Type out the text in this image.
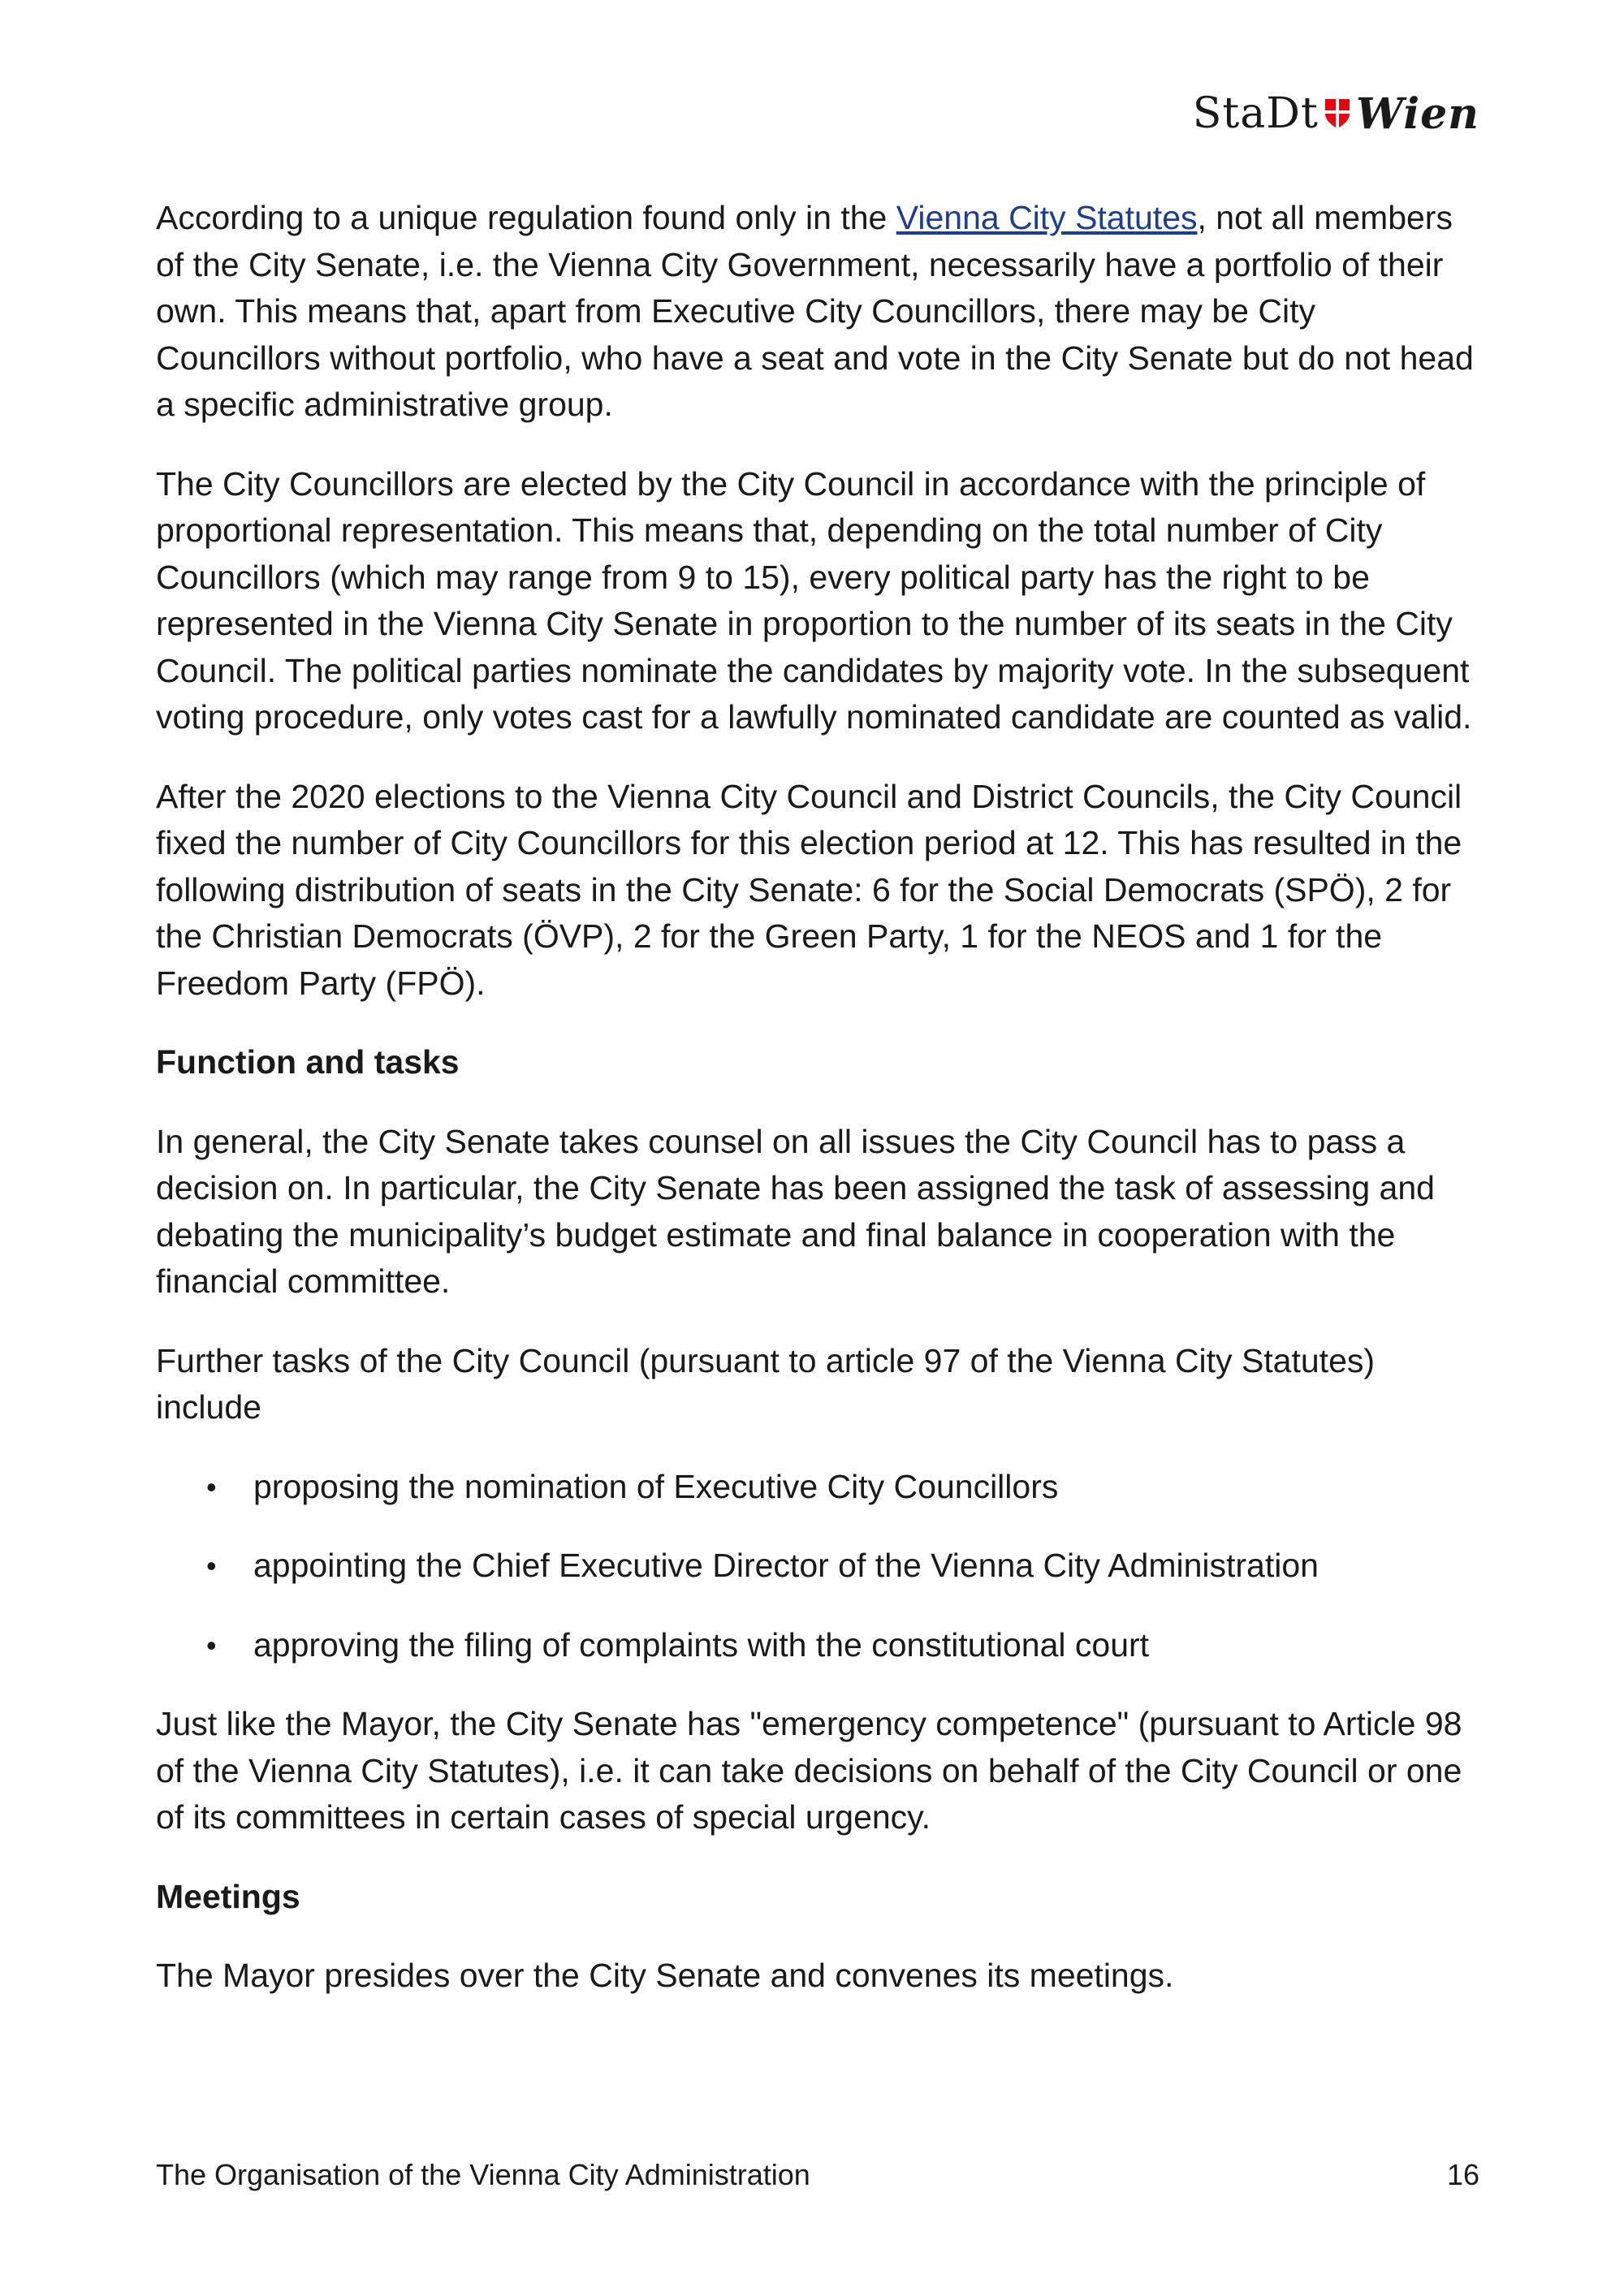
StaDt Wien

According to a unique regulation found only in the Vienna City Statutes, not all members of the City Senate, i.e. the Vienna City Government, necessarily have a portfolio of their own. This means that, apart from Executive City Councillors, there may be City Councillors without portfolio, who have a seat and vote in the City Senate but do not head a specific administrative group.

The City Councillors are elected by the City Council in accordance with the principle of proportional representation. This means that, depending on the total number of City Councillors (which may range from 9 to 15), every political party has the right to be represented in the Vienna City Senate in proportion to the number of its seats in the City Council. The political parties nominate the candidates by majority vote. In the subsequent voting procedure, only votes cast for a lawfully nominated candidate are counted as valid.

After the 2020 elections to the Vienna City Council and District Councils, the City Council fixed the number of City Councillors for this election period at 12. This has resulted in the following distribution of seats in the City Senate: 6 for the Social Democrats (SPÖ), 2 for the Christian Democrats (ÖVP), 2 for the Green Party, 1 for the NEOS and 1 for the Freedom Party (FPÖ).

Function and tasks

In general, the City Senate takes counsel on all issues the City Council has to pass a decision on. In particular, the City Senate has been assigned the task of assessing and debating the municipality’s budget estimate and final balance in cooperation with the financial committee.

Further tasks of the City Council (pursuant to article 97 of the Vienna City Statutes) include

• proposing the nomination of Executive City Councillors
• appointing the Chief Executive Director of the Vienna City Administration
• approving the filing of complaints with the constitutional court

Just like the Mayor, the City Senate has "emergency competence" (pursuant to Article 98 of the Vienna City Statutes), i.e. it can take decisions on behalf of the City Council or one of its committees in certain cases of special urgency.

Meetings

The Mayor presides over the City Senate and convenes its meetings.

The Organisation of the Vienna City Administration	16
